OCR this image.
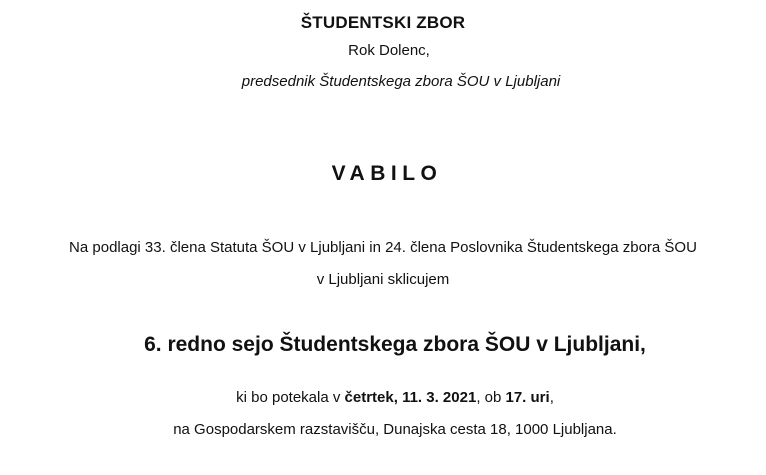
ŠTUDENTSKI ZBOR
Rok Dolenc,
predsednik Študentskega zbora ŠOU v Ljubljani
VABILO
Na podlagi 33. člena Statuta ŠOU v Ljubljani in 24. člena Poslovnika Študentskega zbora ŠOU
v Ljubljani sklicujem
6. redno sejo Študentskega zbora ŠOU v Ljubljani,
ki bo potekala v četrtek, 11. 3. 2021, ob 17. uri,
na Gospodarskem razstavišču, Dunajska cesta 18, 1000 Ljubljana.
